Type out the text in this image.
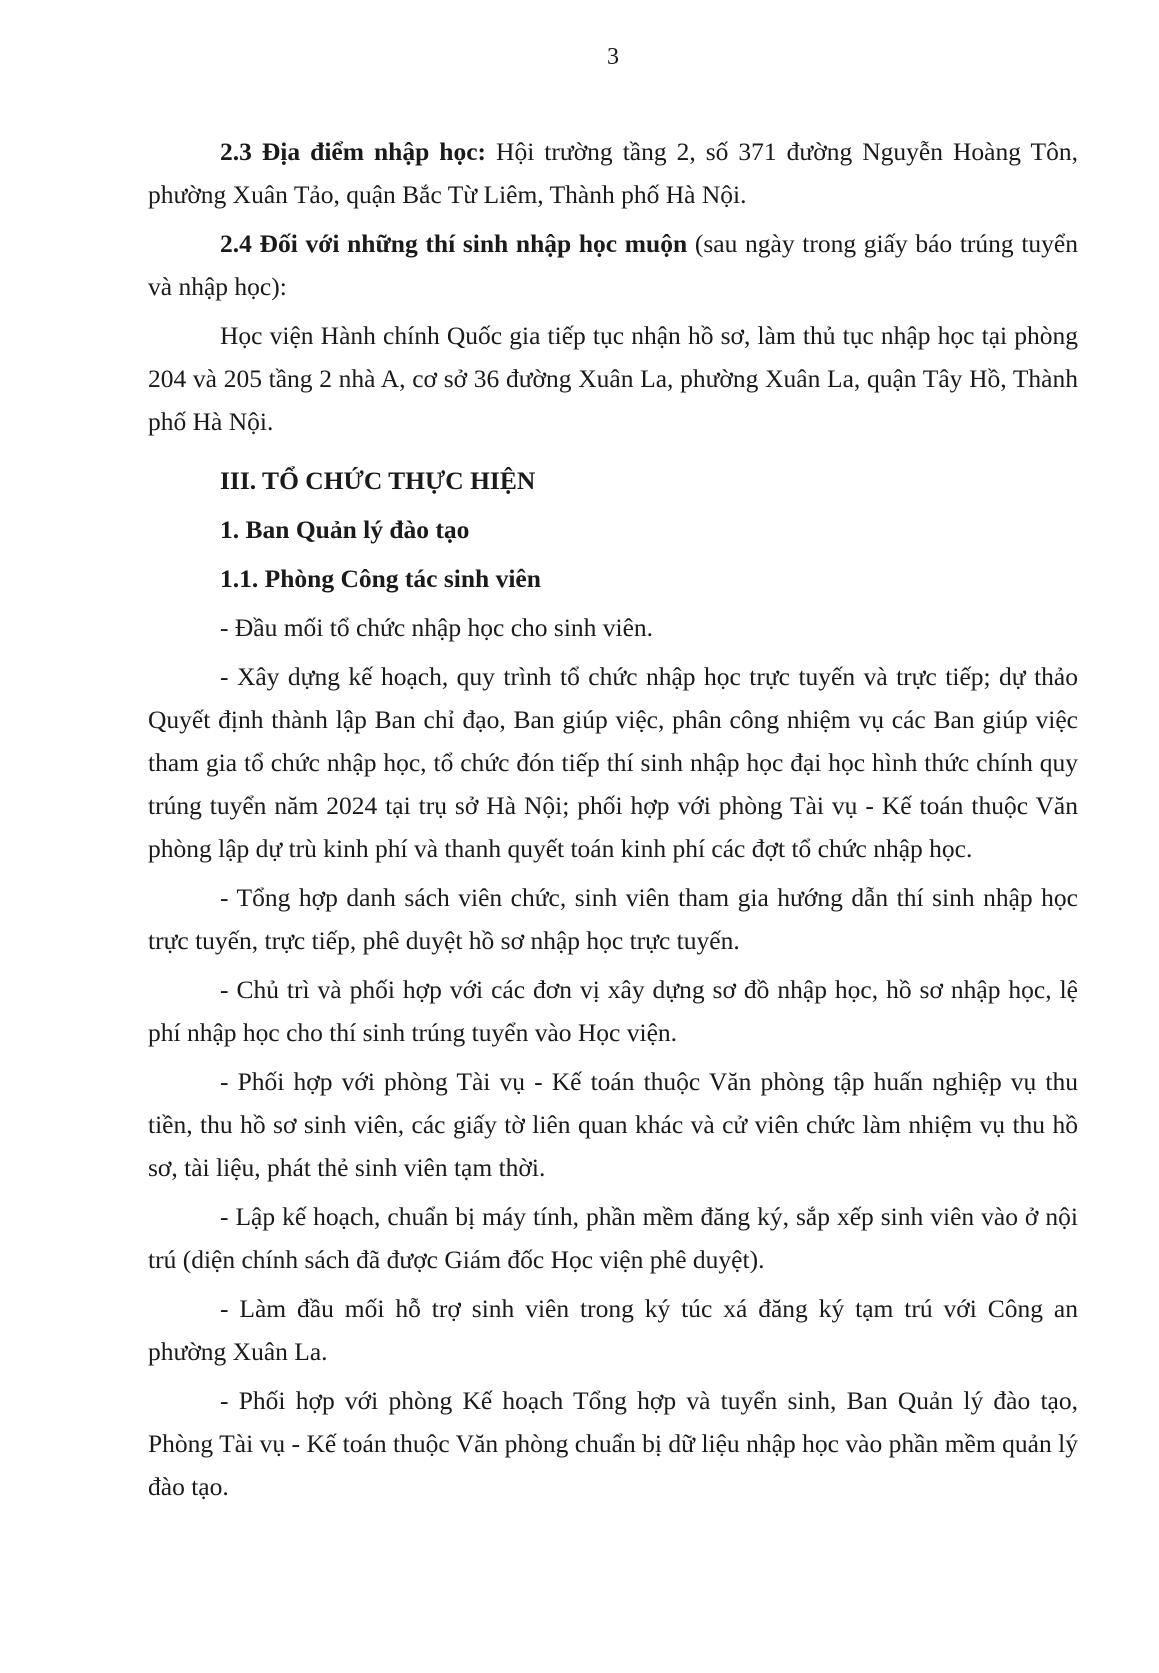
3

2.3 Địa điểm nhập học: Hội trường tầng 2, số 371 đường Nguyễn Hoàng Tôn, phường Xuân Tảo, quận Bắc Từ Liêm, Thành phố Hà Nội.

2.4 Đối với những thí sinh nhập học muộn (sau ngày trong giấy báo trúng tuyển và nhập học):

Học viện Hành chính Quốc gia tiếp tục nhận hồ sơ, làm thủ tục nhập học tại phòng 204 và 205 tầng 2 nhà A, cơ sở 36 đường Xuân La, phường Xuân La, quận Tây Hồ, Thành phố Hà Nội.

III. TỔ CHỨC THỰC HIỆN

1. Ban Quản lý đào tạo

1.1. Phòng Công tác sinh viên

- Đầu mối tổ chức nhập học cho sinh viên.

- Xây dựng kế hoạch, quy trình tổ chức nhập học trực tuyến và trực tiếp; dự thảo Quyết định thành lập Ban chỉ đạo, Ban giúp việc, phân công nhiệm vụ các Ban giúp việc tham gia tổ chức nhập học, tổ chức đón tiếp thí sinh nhập học đại học hình thức chính quy trúng tuyển năm 2024 tại trụ sở Hà Nội; phối hợp với phòng Tài vụ - Kế toán thuộc Văn phòng lập dự trù kinh phí và thanh quyết toán kinh phí các đợt tổ chức nhập học.

- Tổng hợp danh sách viên chức, sinh viên tham gia hướng dẫn thí sinh nhập học trực tuyến, trực tiếp, phê duyệt hồ sơ nhập học trực tuyến.

- Chủ trì và phối hợp với các đơn vị xây dựng sơ đồ nhập học, hồ sơ nhập học, lệ phí nhập học cho thí sinh trúng tuyển vào Học viện.

- Phối hợp với phòng Tài vụ - Kế toán thuộc Văn phòng tập huấn nghiệp vụ thu tiền, thu hồ sơ sinh viên, các giấy tờ liên quan khác và cử viên chức làm nhiệm vụ thu hồ sơ, tài liệu, phát thẻ sinh viên tạm thời.

- Lập kế hoạch, chuẩn bị máy tính, phần mềm đăng ký, sắp xếp sinh viên vào ở nội trú (diện chính sách đã được Giám đốc Học viện phê duyệt).

- Làm đầu mối hỗ trợ sinh viên trong ký túc xá đăng ký tạm trú với Công an phường Xuân La.

- Phối hợp với phòng Kế hoạch Tổng hợp và tuyển sinh, Ban Quản lý đào tạo, Phòng Tài vụ - Kế toán thuộc Văn phòng chuẩn bị dữ liệu nhập học vào phần mềm quản lý đào tạo.
